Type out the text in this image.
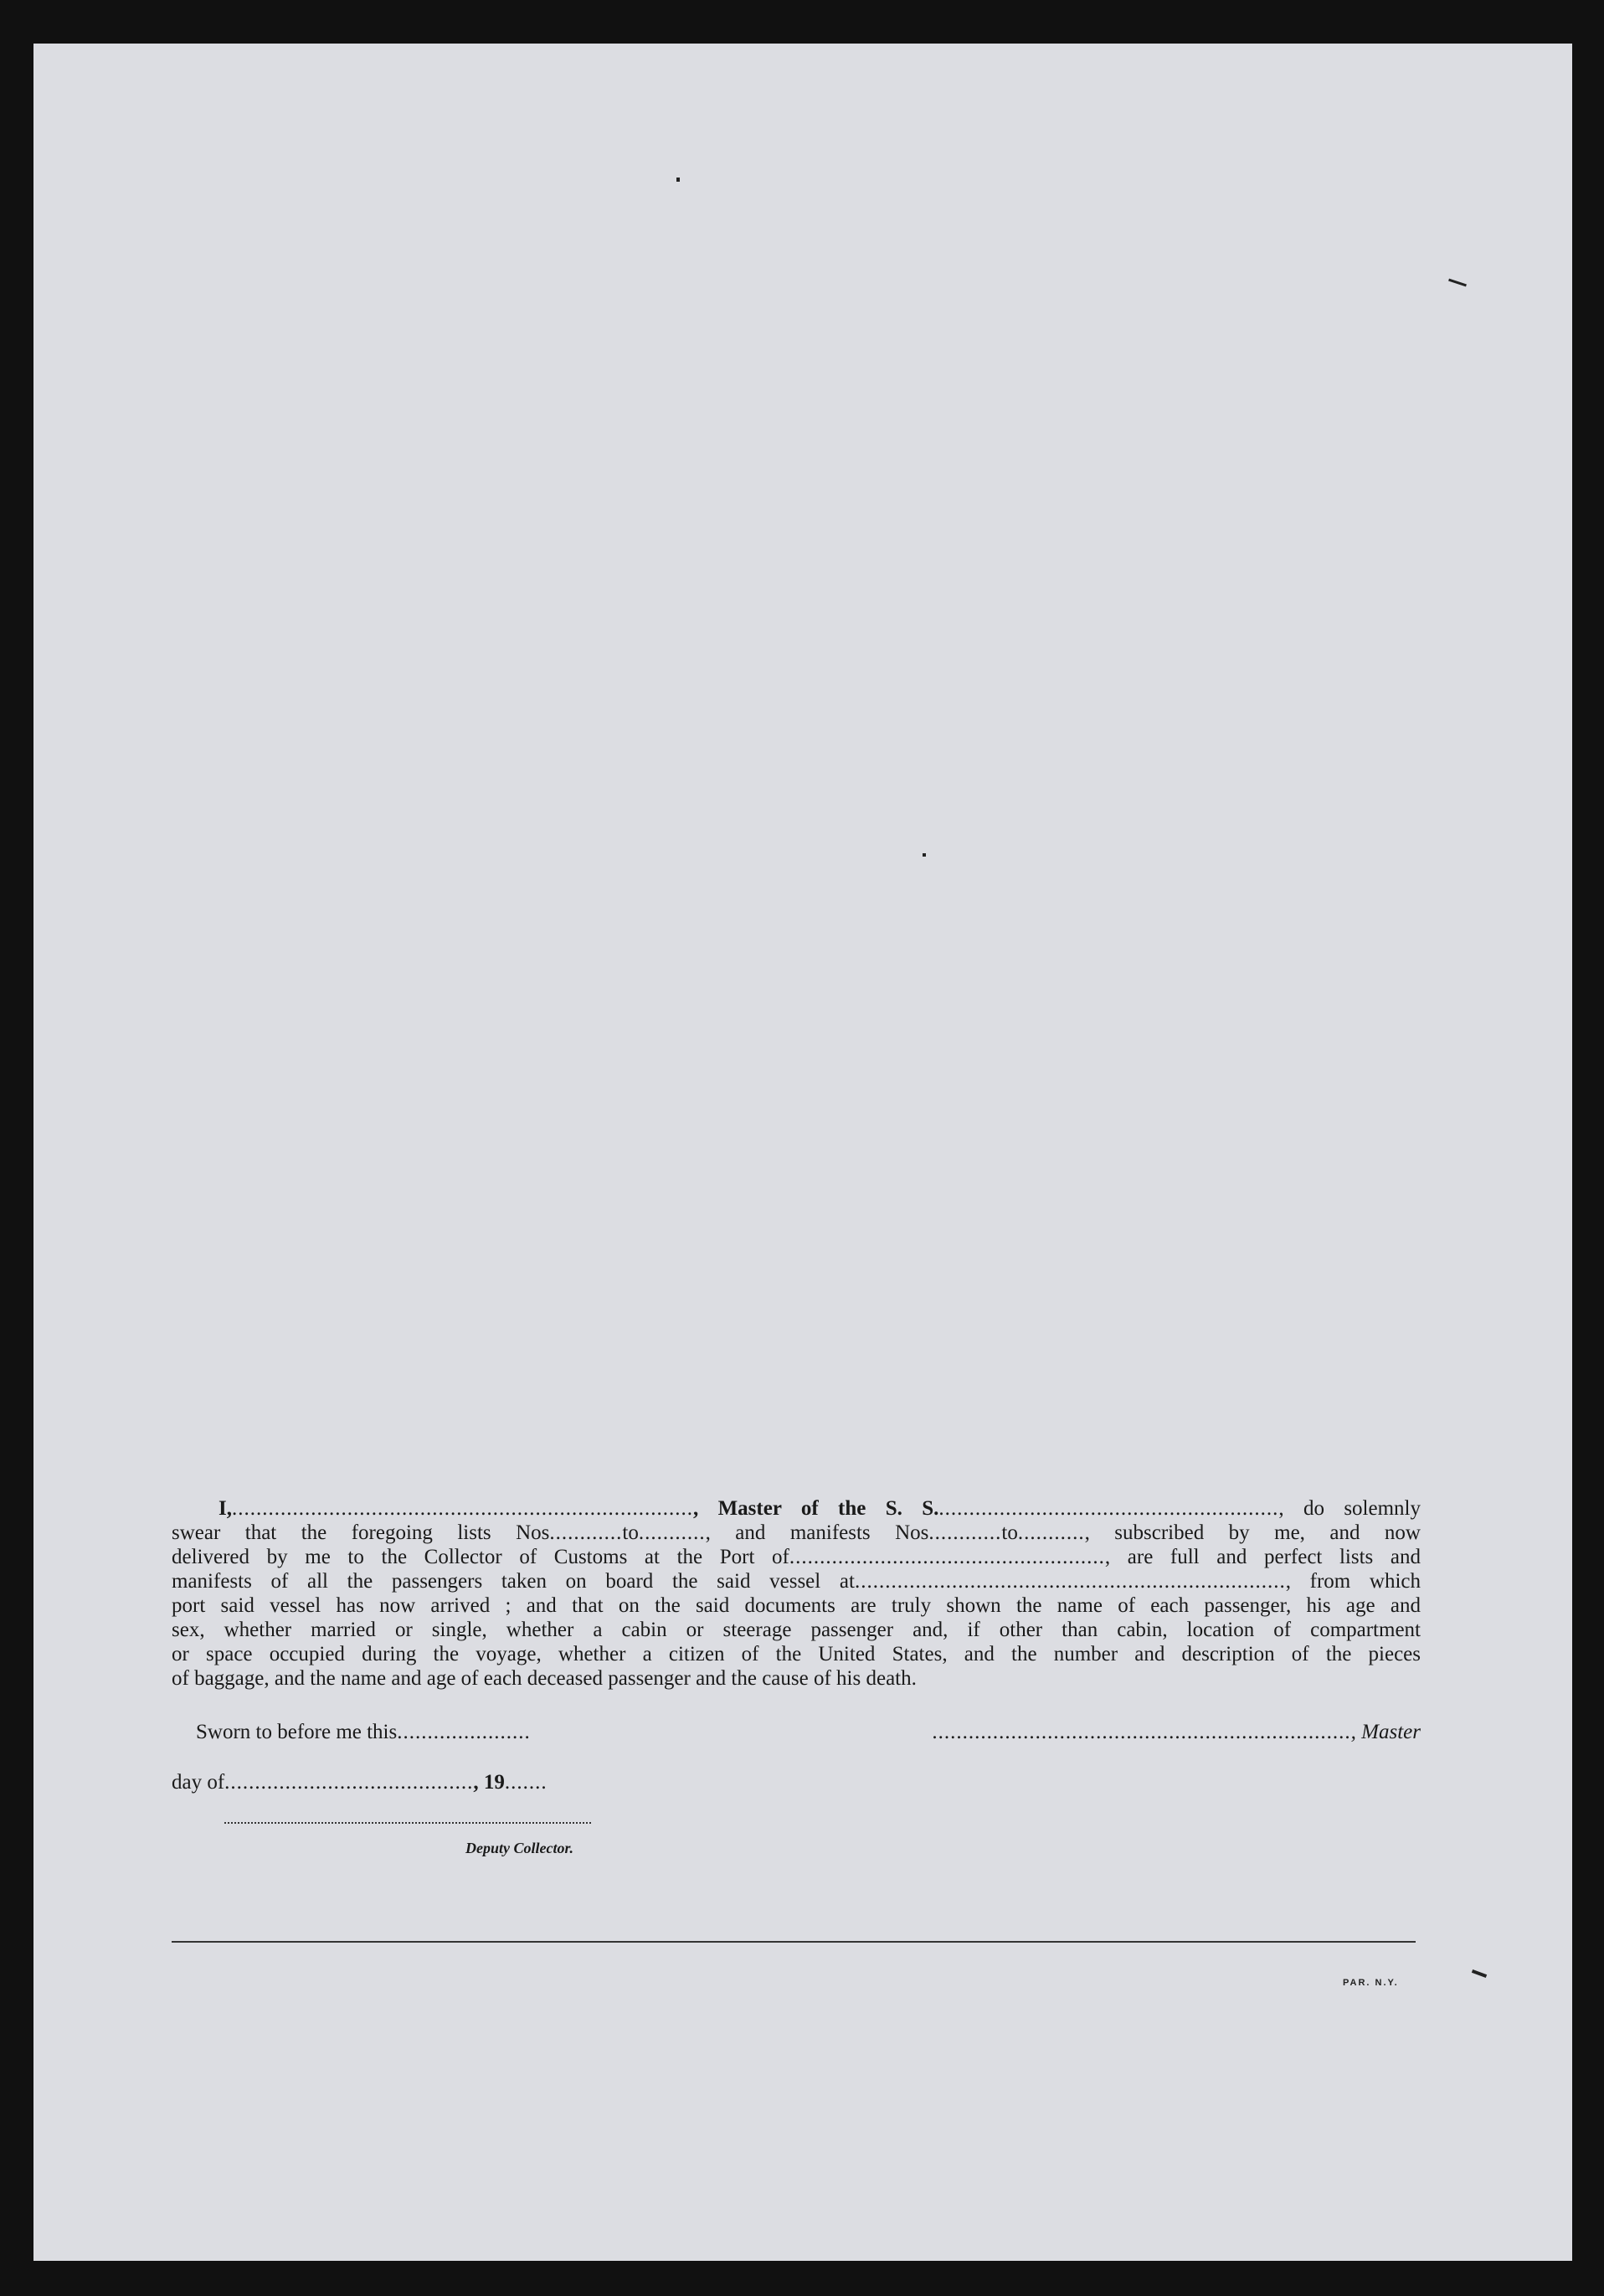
I,............................................................................, Master of the S. S........................................................., do solemnly
swear that the foregoing lists Nos............to..........., and manifests Nos............to..........., subscribed by me, and now
delivered by me to the Collector of Customs at the Port of...................................................., are full and perfect lists and
manifests of all the passengers taken on board the said vessel at......................................................................., from which
port said vessel has now arrived ; and that on the said documents are truly shown the name of each passenger, his age and
sex, whether married or single, whether a cabin or steerage passenger and, if other than cabin, location of compartment
or space occupied during the voyage, whether a citizen of the United States, and the number and description of the pieces
of baggage, and the name and age of each deceased passenger and the cause of his death.
Sworn to before me this......................	....................................................................., Master
day of........................................., 19.......
Deputy Collector.
PAR. N.Y.
